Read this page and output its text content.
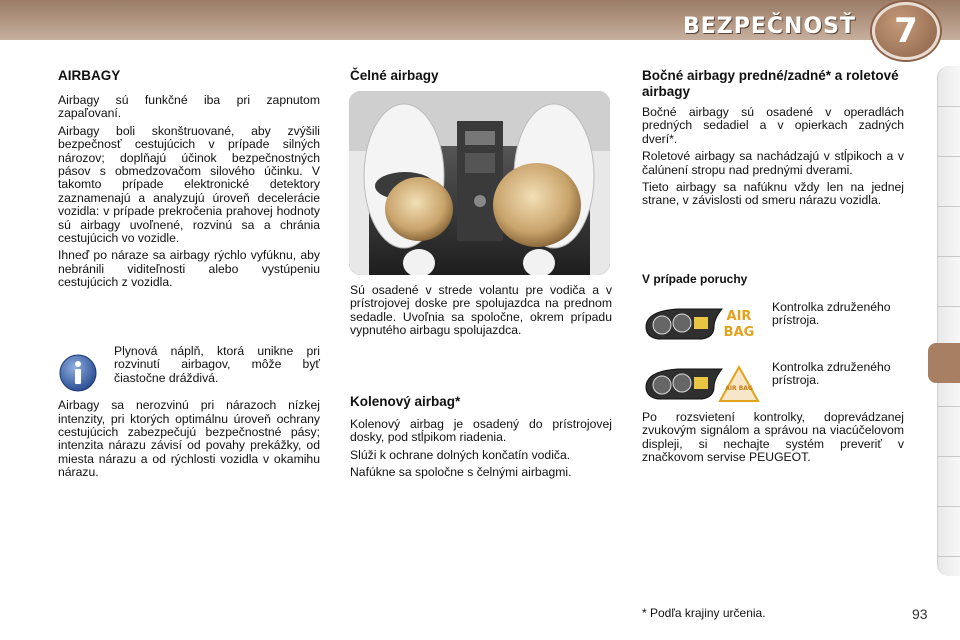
BEZPEČNOSŤ 7
AIRBAGY

Airbagy sú funkčné iba pri zapnutom zapaľovaní.

Airbagy boli skonštruované, aby zvýšili bezpečnosť cestujúcich v prípade silných nározov; doplňajú účinok bezpečnostných pásov s obmedzovačom silového účinku. V takomto prípade elektronické detektory zaznamenajú a analyzujú úroveň decelerácie vozidla: v prípade prekročenia prahovej hodnoty sú airbagy uvoľnené, rozvinú sa a chránia cestujúcich vo vozidle.

Ihneď po náraze sa airbagy rýchlo vyfúknu, aby nebránili viditeľnosti alebo vystúpeniu cestujúcich z vozidla.

Plynová náplň, ktorá unikne pri rozvinutí airbagov, môže byť čiastočne dráždivá.

Airbagy sa nerozvinú pri nárazoch nízkej intenzity, pri ktorých optimálnu úroveň ochrany cestujúcich zabezpečujú bezpečnostné pásy; intenzita nárazu závisí od povahy prekážky, od miesta nárazu a od rýchlosti vozidla v okamihu nárazu.

Čelné airbagy

Sú osadené v strede volantu pre vodiča a v prístrojovej doske pre spolujazdca na prednom sedadle. Uvoľnia sa spoločne, okrem prípadu vypnutého airbagu spolujazdca.

Kolenový airbag*

Kolenový airbag je osadený do prístrojovej dosky, pod stĺpikom riadenia.

Slúži k ochrane dolných končatín vodiča.

Nafúkne sa spoločne s čelnými airbagmi.

Bočné airbagy predné/zadné* a roletové airbagy

Bočné airbagy sú osadené v operadlách predných sedadiel a v opierkach zadných dverí*.

Roletové airbagy sa nachádzajú v stĺpikoch a v čalúnení stropu nad prednými dverami.

Tieto airbagy sa nafúknu vždy len na jednej strane, v závislosti od smeru nárazu vozidla.

V prípade poruchy
AIR
BAG

Kontrolka združeného prístroja.

AIR BAG

Kontrolka združeného prístroja.

Po rozsvietení kontrolky, doprevádzanej zvukovým signálom a správou na viacúčelovom displeji, si nechajte systém preveriť v značkovom servise PEUGEOT.

* Podľa krajiny určenia.	93
